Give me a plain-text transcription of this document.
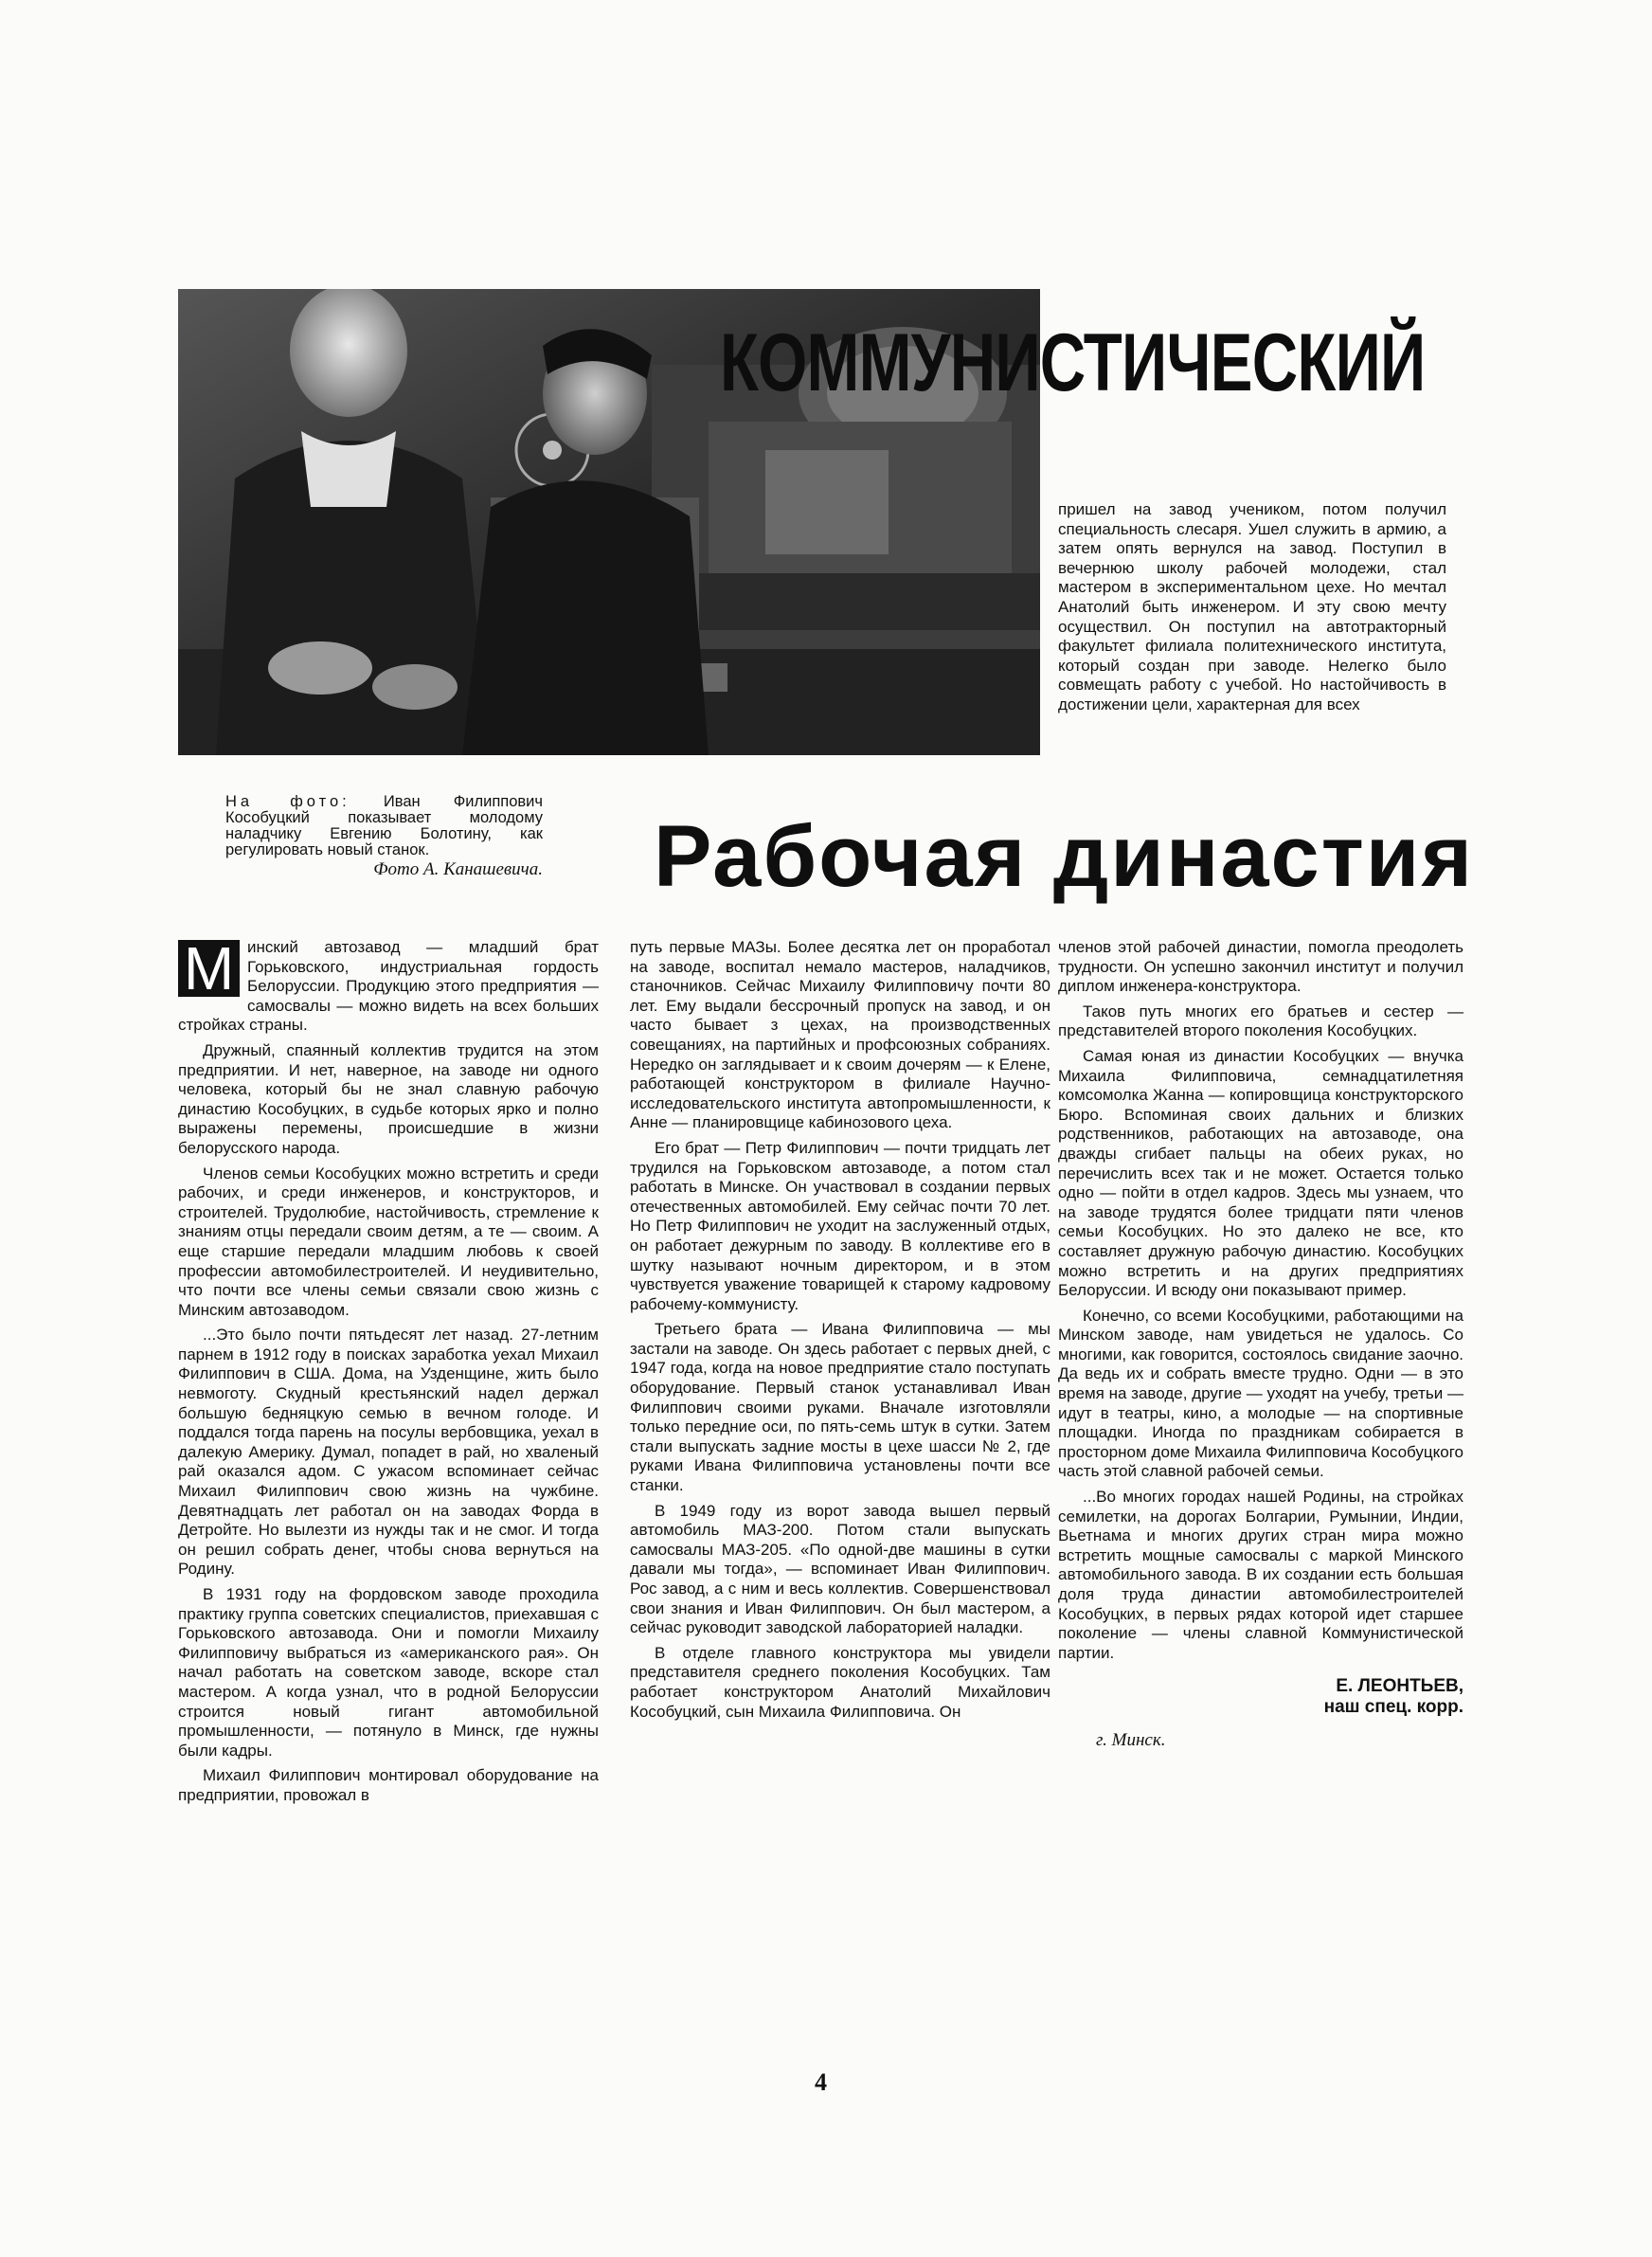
КОММУНИСТИЧЕСКИЙ

пришел на завод учеником, потом получил специальность слесаря. Ушел служить в армию, а затем опять вернулся на завод. Поступил в вечернюю школу рабочей молодежи, стал мастером в экспериментальном цехе. Но мечтал Анатолий быть инженером. И эту свою мечту осуществил. Он поступил на автотракторный факультет филиала политехнического института, который создан при заводе. Нелегко было совмещать работу с учебой. Но настойчивость в достижении цели, характерная для всех

На фото: Иван Филиппович Кособуцкий показывает молодому наладчику Евгению Болотину, как регулировать новый станок.
Фото А. Канашевича. Рабочая династия
М инский автозавод — младший брат Горьковского, индустриальная гордость Белоруссии. Продукцию этого предприятия — самосвалы — можно видеть на всех больших стройках страны.

Дружный, спаянный коллектив трудится на этом предприятии. И нет, наверное, на заводе ни одного человека, который бы не знал славную рабочую династию Кособуцких, в судьбе которых ярко и полно выражены перемены, происшедшие в жизни белорусского народа.

Членов семьи Кособуцких можно встретить и среди рабочих, и среди инженеров, и конструкторов, и строителей. Трудолюбие, настойчивость, стремление к знаниям отцы передали своим детям, а те — своим. А еще старшие передали младшим любовь к своей профессии автомобилестроителей. И неудивительно, что почти все члены семьи связали свою жизнь с Минским автозаводом.

...Это было почти пятьдесят лет назад. 27-летним парнем в 1912 году в поисках заработка уехал Михаил Филиппович в США. Дома, на Узденщине, жить было невмоготу. Скудный крестьянский надел держал большую бедняцкую семью в вечном голоде. И поддался тогда парень на посулы вербовщика, уехал в далекую Америку. Думал, попадет в рай, но хваленый рай оказался адом. С ужасом вспоминает сейчас Михаил Филиппович свою жизнь на чужбине. Девятнадцать лет работал он на заводах Форда в Детройте. Но вылезти из нужды так и не смог. И тогда он решил собрать денег, чтобы снова вернуться на Родину.

В 1931 году на фордовском заводе проходила практику группа советских специалистов, приехавшая с Горьковского автозавода. Они и помогли Михаилу Филипповичу выбраться из «американского рая». Он начал работать на советском заводе, вскоре стал мастером. А когда узнал, что в родной Белоруссии строится новый гигант автомобильной промышленности, — потянуло в Минск, где нужны были кадры.

Михаил Филиппович монтировал оборудование на предприятии, провожал в

путь первые МАЗы. Более десятка лет он проработал на заводе, воспитал немало мастеров, наладчиков, станочников. Сейчас Михаилу Филипповичу почти 80 лет. Ему выдали бессрочный пропуск на завод, и он часто бывает з цехах, на производственных совещаниях, на партийных и профсоюзных собраниях. Нередко он заглядывает и к своим дочерям — к Елене, работающей конструктором в филиале Научно-исследовательского института автопромышленности, к Анне — планировщице кабинозового цеха.

Его брат — Петр Филиппович — почти тридцать лет трудился на Горьковском автозаводе, а потом стал работать в Минске. Он участвовал в создании первых отечественных автомобилей. Ему сейчас почти 70 лет. Но Петр Филиппович не уходит на заслуженный отдых, он работает дежурным по заводу. В коллективе его в шутку называют ночным директором, и в этом чувствуется уважение товарищей к старому кадровому рабочему-коммунисту.

Третьего брата — Ивана Филипповича — мы застали на заводе. Он здесь работает с первых дней, с 1947 года, когда на новое предприятие стало поступать оборудование. Первый станок устанавливал Иван Филиппович своими руками. Вначале изготовляли только передние оси, по пять-семь штук в сутки. Затем стали выпускать задние мосты в цехе шасси № 2, где руками Ивана Филипповича установлены почти все станки.

В 1949 году из ворот завода вышел первый автомобиль МАЗ-200. Потом стали выпускать самосвалы МАЗ-205. «По одной-две машины в сутки давали мы тогда», — вспоминает Иван Филиппович. Рос завод, а с ним и весь коллектив. Совершенствовал свои знания и Иван Филиппович. Он был мастером, а сейчас руководит заводской лабораторией наладки.

В отделе главного конструктора мы увидели представителя среднего поколения Кособуцких. Там работает конструктором Анатолий Михайлович Кособуцкий, сын Михаила Филипповича. Он

членов этой рабочей династии, помогла преодолеть трудности. Он успешно закончил институт и получил диплом инженера-конструктора.

Таков путь многих его братьев и сестер — представителей второго поколения Кособуцких.

Самая юная из династии Кособуцких — внучка Михаила Филипповича, семнадцатилетняя комсомолка Жанна — копировщица конструкторского Бюро. Вспоминая своих дальних и близких родственников, работающих на автозаводе, она дважды сгибает пальцы на обеих руках, но перечислить всех так и не может. Остается только одно — пойти в отдел кадров. Здесь мы узнаем, что на заводе трудятся более тридцати пяти членов семьи Кособуцких. Но это далеко не все, кто составляет дружную рабочую династию. Кособуцких можно встретить и на других предприятиях Белоруссии. И всюду они показывают пример.

Конечно, со всеми Кособуцкими, работающими на Минском заводе, нам увидеться не удалось. Со многими, как говорится, состоялось свидание заочно. Да ведь их и собрать вместе трудно. Одни — в это время на заводе, другие — уходят на учебу, третьи — идут в театры, кино, а молодые — на спортивные площадки. Иногда по праздникам собирается в просторном доме Михаила Филипповича Кособуцкого часть этой славной рабочей семьи.

...Во многих городах нашей Родины, на стройках семилетки, на дорогах Болгарии, Румынии, Индии, Вьетнама и многих других стран мира можно встретить мощные самосвалы с маркой Минского автомобильного завода. В их создании есть большая доля труда династии автомобилестроителей Кособуцких, в первых рядах которой идет старшее поколение — члены славной Коммунистической партии.

Е. ЛЕОНТЬЕВ,
наш спец. корр.
г. Минск.
4
